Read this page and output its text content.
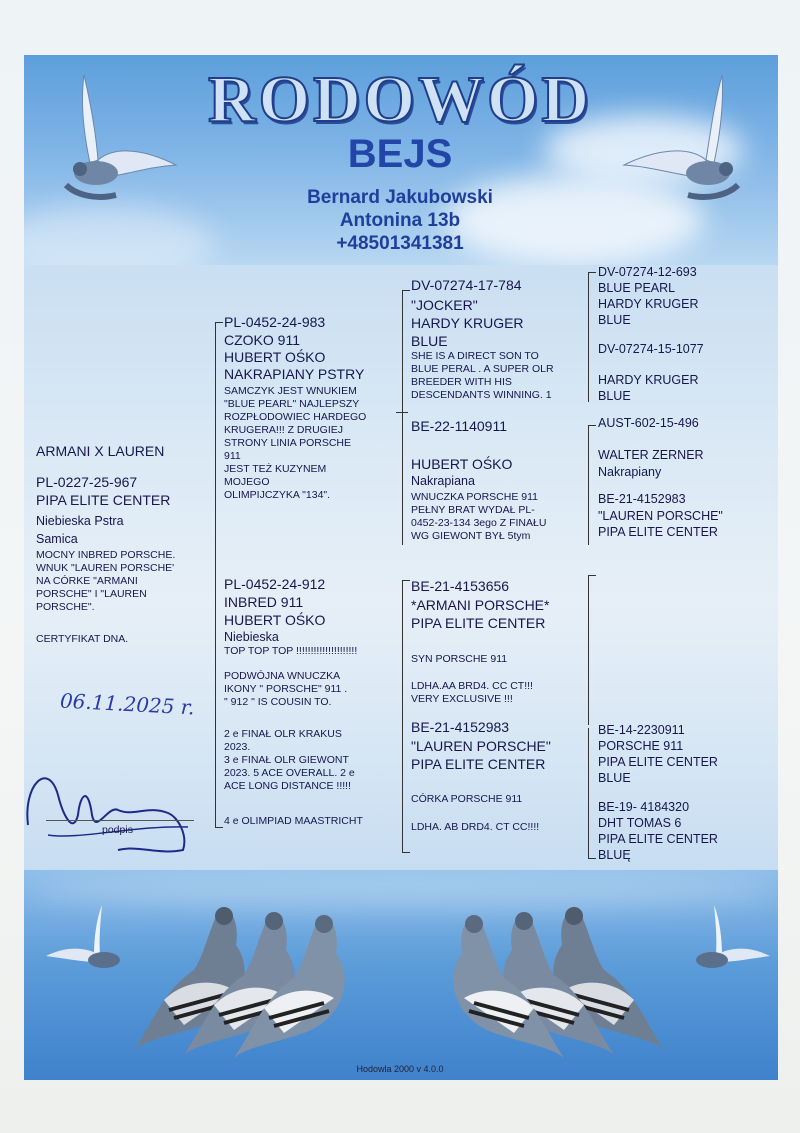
RODOWÓD
BEJS
Bernard Jakubowski
Antonina 13b
+48501341381
ARMANI X LAUREN
PL-0227-25-967
PIPA ELITE CENTER
Niebieska Pstra
Samica
MOCNY INBRED PORSCHE.
WNUK "LAUREN PORSCHE'
NA CÓRKE "ARMANI
PORSCHE" I "LAUREN
PORSCHE".
CERTYFIKAT DNA.
06.11.2025 r.
podpis
PL-0452-24-983
CZOKO 911
HUBERT OŚKO
NAKRAPIANY PSTRY
SAMCZYK JEST WNUKIEM
"BLUE PEARL" NAJLEPSZY
ROZPŁODOWIEC HARDEGO
KRUGERA!!! Z DRUGIEJ
STRONY LINIA PORSCHE
911
JEST TEŻ KUZYNEM
MOJEGO
OLIMPIJCZYKA "134".
PL-0452-24-912
INBRED 911
HUBERT OŚKO
Niebieska
TOP TOP TOP !!!!!!!!!!!!!!!!!!!!!
PODWÓJNA WNUCZKA
IKONY " PORSCHE" 911 .
" 912 " IS COUSIN TO.
2 e FINAŁ OLR KRAKUS
2023.
3 e FINAŁ OLR GIEWONT
2023. 5 ACE OVERALL. 2 e
ACE LONG DISTANCE !!!!!
4 e OLIMPIAD MAASTRICHT
DV-07274-17-784
"JOCKER"
HARDY KRUGER
BLUE
SHE IS A DIRECT SON TO
BLUE PERAL . A SUPER OLR
BREEDER WITH HIS
DESCENDANTS WINNING. 1
BE-22-1140911
HUBERT OŚKO
Nakrapiana
WNUCZKA PORSCHE 911
PEŁNY BRAT WYDAŁ PL-
0452-23-134 3ego Z FINAŁU
WG GIEWONT BYŁ 5tym
BE-21-4153656
*ARMANI PORSCHE*
PIPA ELITE CENTER
SYN PORSCHE 911
LDHA.AA BRD4. CC CT!!!
VERY EXCLUSIVE !!!
BE-21-4152983
"LAUREN PORSCHE"
PIPA ELITE CENTER
CÓRKA PORSCHE 911
LDHA. AB DRD4. CT CC!!!!
DV-07274-12-693
BLUE PEARL
HARDY KRUGER
BLUE
DV-07274-15-1077
HARDY KRUGER
BLUE
AUST-602-15-496
WALTER ZERNER
Nakrapiany
BE-21-4152983
"LAUREN PORSCHE"
PIPA ELITE CENTER
BE-14-2230911
PORSCHE 911
PIPA ELITE CENTER
BLUE
BE-19- 4184320
DHT TOMAS 6
PIPA ELITE CENTER
BLUĘ
Hodowla 2000 v 4.0.0
